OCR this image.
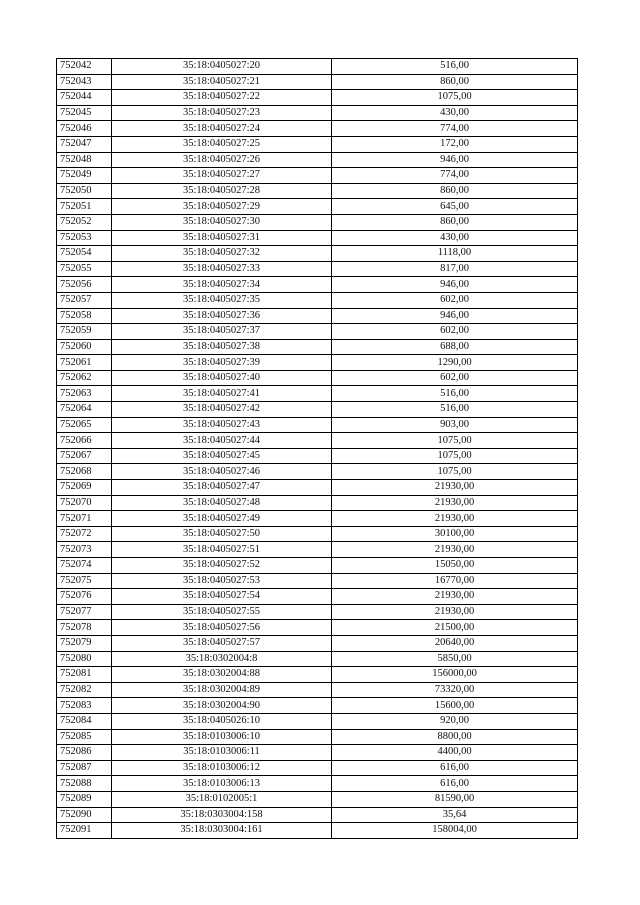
752042	35:18:0405027:20	516,00
752043	35:18:0405027:21	860,00
752044	35:18:0405027:22	1075,00
752045	35:18:0405027:23	430,00
752046	35:18:0405027:24	774,00
752047	35:18:0405027:25	172,00
752048	35:18:0405027:26	946,00
752049	35:18:0405027:27	774,00
752050	35:18:0405027:28	860,00
752051	35:18:0405027:29	645,00
752052	35:18:0405027:30	860,00
752053	35:18:0405027:31	430,00
752054	35:18:0405027:32	1118,00
752055	35:18:0405027:33	817,00
752056	35:18:0405027:34	946,00
752057	35:18:0405027:35	602,00
752058	35:18:0405027:36	946,00
752059	35:18:0405027:37	602,00
752060	35:18:0405027:38	688,00
752061	35:18:0405027:39	1290,00
752062	35:18:0405027:40	602,00
752063	35:18:0405027:41	516,00
752064	35:18:0405027:42	516,00
752065	35:18:0405027:43	903,00
752066	35:18:0405027:44	1075,00
752067	35:18:0405027:45	1075,00
752068	35:18:0405027:46	1075,00
752069	35:18:0405027:47	21930,00
752070	35:18:0405027:48	21930,00
752071	35:18:0405027:49	21930,00
752072	35:18:0405027:50	30100,00
752073	35:18:0405027:51	21930,00
752074	35:18:0405027:52	15050,00
752075	35:18:0405027:53	16770,00
752076	35:18:0405027:54	21930,00
752077	35:18:0405027:55	21930,00
752078	35:18:0405027:56	21500,00
752079	35:18:0405027:57	20640,00
752080	35:18:0302004:8	5850,00
752081	35:18:0302004:88	156000,00
752082	35:18:0302004:89	73320,00
752083	35:18:0302004:90	15600,00
752084	35:18:0405026:10	920,00
752085	35:18:0103006:10	8800,00
752086	35:18:0103006:11	4400,00
752087	35:18:0103006:12	616,00
752088	35:18:0103006:13	616,00
752089	35:18:0102005:1	81590,00
752090	35:18:0303004:158	35,64
752091	35:18:0303004:161	158004,00
